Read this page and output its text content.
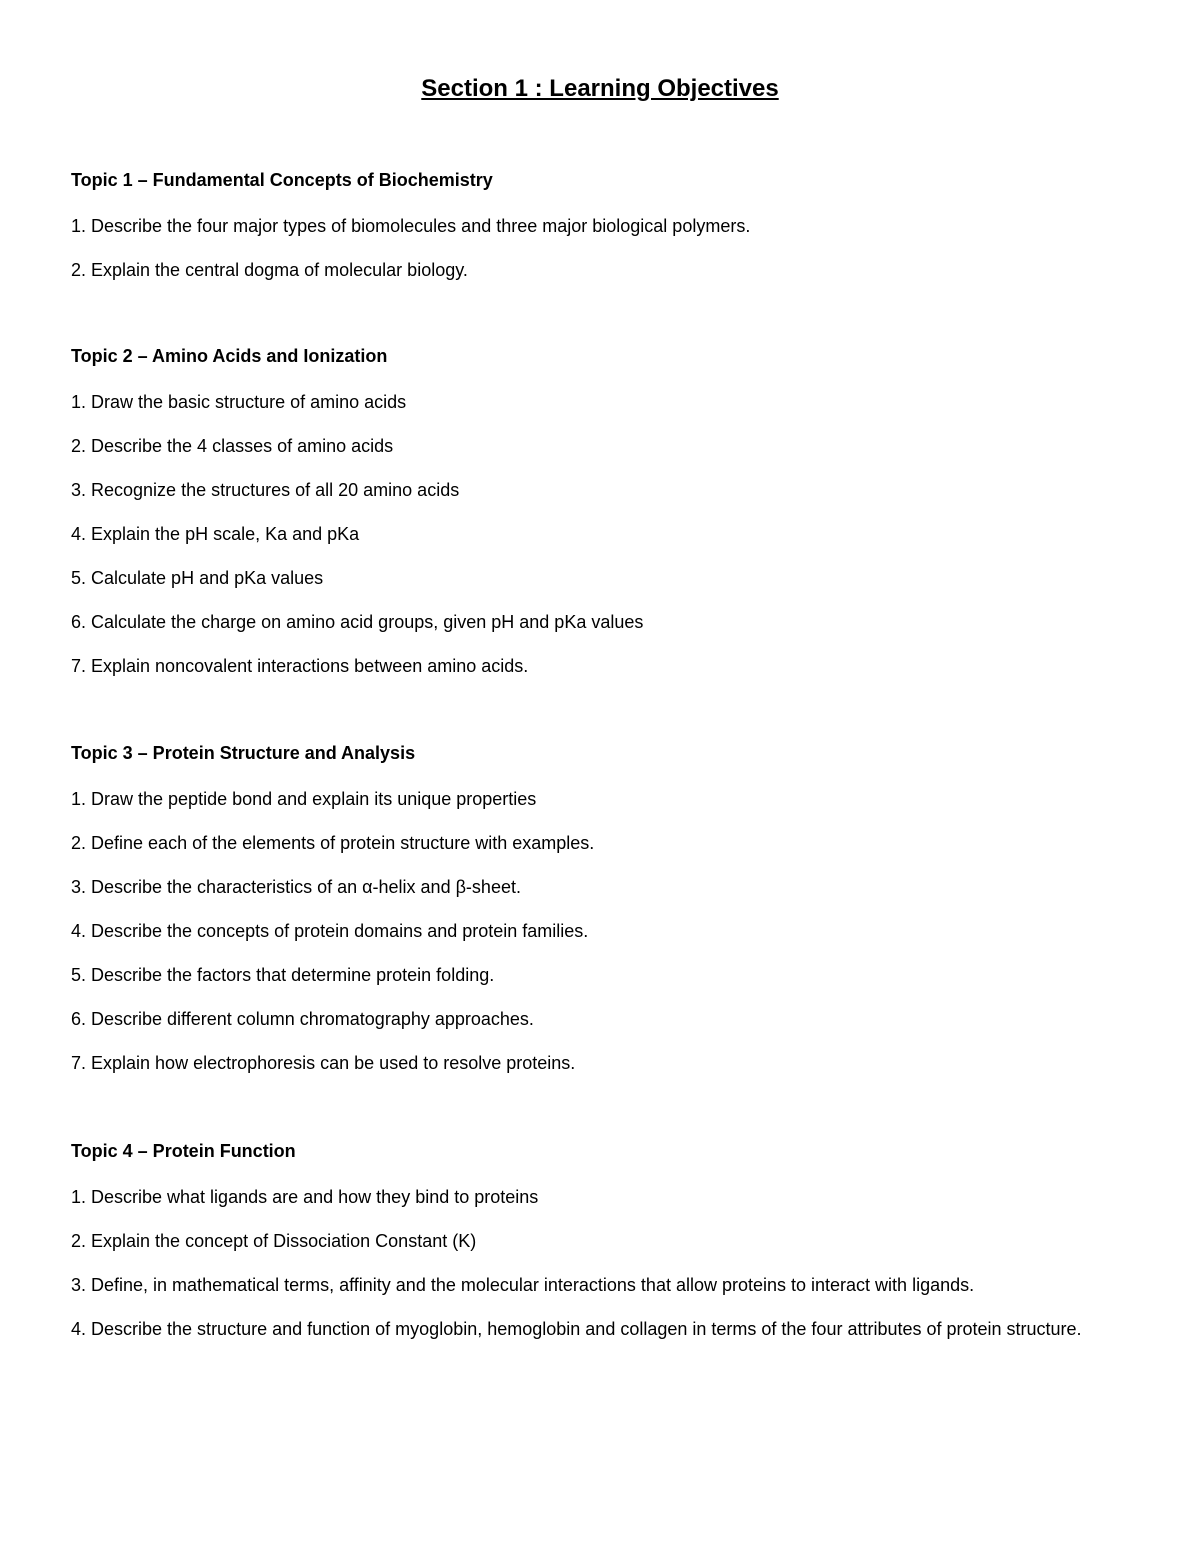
Section 1 : Learning Objectives

Topic 1 – Fundamental Concepts of Biochemistry

1. Describe the four major types of biomolecules and three major biological polymers.

2. Explain the central dogma of molecular biology.

Topic 2 – Amino Acids and Ionization

1. Draw the basic structure of amino acids

2. Describe the 4 classes of amino acids

3. Recognize the structures of all 20 amino acids

4. Explain the pH scale, Ka and pKa

5. Calculate pH and pKa values

6. Calculate the charge on amino acid groups, given pH and pKa values

7. Explain noncovalent interactions between amino acids.

Topic 3 – Protein Structure and Analysis

1. Draw the peptide bond and explain its unique properties

2. Define each of the elements of protein structure with examples.

3. Describe the characteristics of an α-helix and β-sheet.

4. Describe the concepts of protein domains and protein families.

5. Describe the factors that determine protein folding.

6. Describe different column chromatography approaches.

7. Explain how electrophoresis can be used to resolve proteins.

Topic 4 – Protein Function

1. Describe what ligands are and how they bind to proteins

2. Explain the concept of Dissociation Constant (K)

3. Define, in mathematical terms, affinity and the molecular interactions that allow proteins to interact with ligands.

4. Describe the structure and function of myoglobin, hemoglobin and collagen in terms of the four attributes of protein structure.
